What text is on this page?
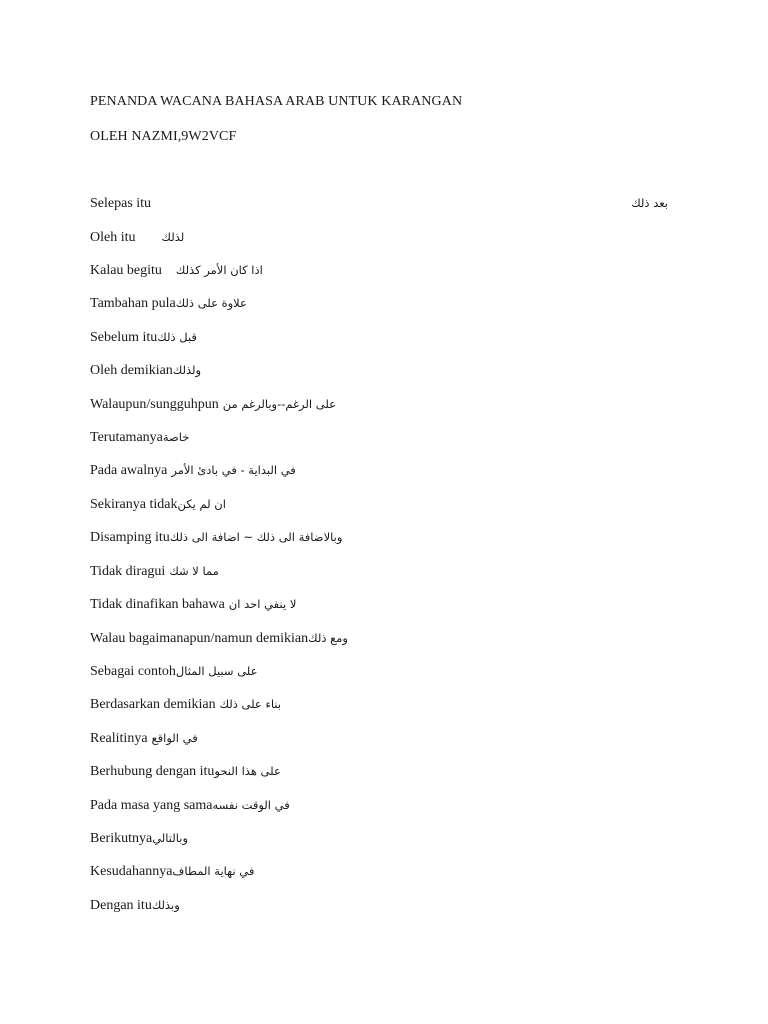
PENANDA WACANA BAHASA ARAB UNTUK KARANGAN
OLEH NAZMI,9W2VCF
Selepas itu	بعد ذلك
Oleh itu لذلك
Kalau begitu اذا كان الأمر كذلك
Tambahan pulaعلاوة على ذلك
Sebelum ituقبل ذلك
Oleh demikianولذلك
Walaupun/sungguhpun على الرغم--وبالرغم من
Terutamanyaخاصة
Pada awalnya في البداية - في بادئ الأمر
Sekiranya tidakان لم يكن
Disamping ituوبالاضافة الى ذلك ~ اضافة الى ذلك
Tidak diragui مما لا شك
Tidak dinafikan bahawa لا ينفي احد ان
Walau bagaimanapun/namun demikianومع ذلك
Sebagai contohعلى سبيل المثال
Berdasarkan demikian بناء على ذلك
Realitinya في الواقع
Berhubung dengan ituعلى هذا النحو
Pada masa yang samaفي الوقت نفسه
Berikutnyaوبالتالي
Kesudahannyaفي نهاية المطاف
Dengan ituوبذلك
